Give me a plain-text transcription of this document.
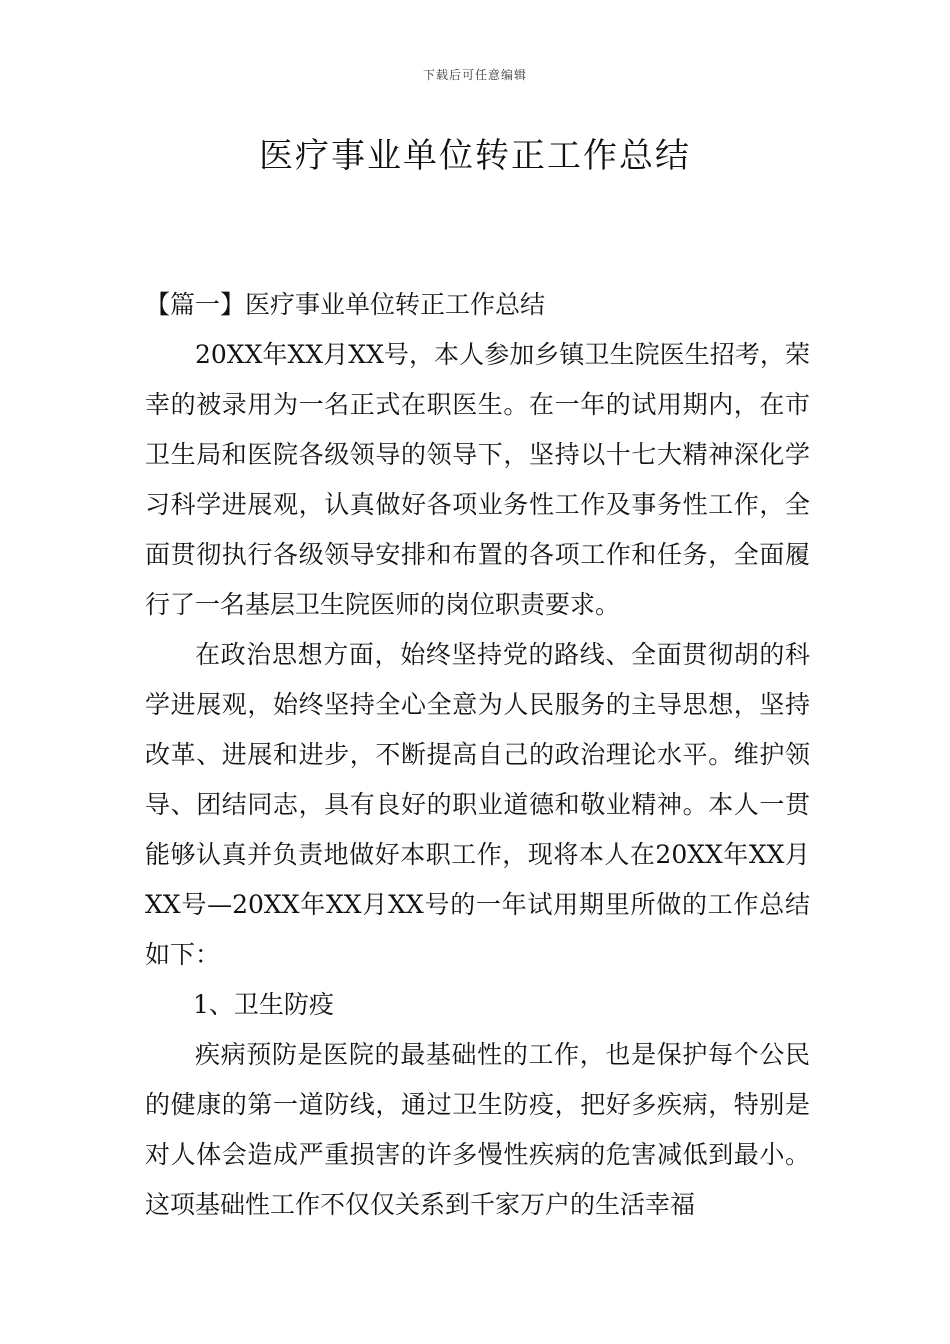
下载后可任意编辑
医疗事业单位转正工作总结

【篇一】医疗事业单位转正工作总结

20XX年XX月XX号，本人参加乡镇卫生院医生招考，荣幸的被录用为一名正式在职医生。在一年的试用期内，在市卫生局和医院各级领导的领导下，坚持以十七大精神深化学习科学进展观，认真做好各项业务性工作及事务性工作，全面贯彻执行各级领导安排和布置的各项工作和任务，全面履行了一名基层卫生院医师的岗位职责要求。

在政治思想方面，始终坚持党的路线、全面贯彻胡的科学进展观，始终坚持全心全意为人民服务的主导思想，坚持改革、进展和进步，不断提高自己的政治理论水平。维护领导、团结同志，具有良好的职业道德和敬业精神。本人一贯能够认真并负责地做好本职工作，现将本人在20XX年XX月XX号—20XX年XX月XX号的一年试用期里所做的工作总结如下：

1、卫生防疫

疾病预防是医院的最基础性的工作，也是保护每个公民的健康的第一道防线，通过卫生防疫，把好多疾病，特别是对人体会造成严重损害的许多慢性疾病的危害减低到最小。这项基础性工作不仅仅关系到千家万户的生活幸福
